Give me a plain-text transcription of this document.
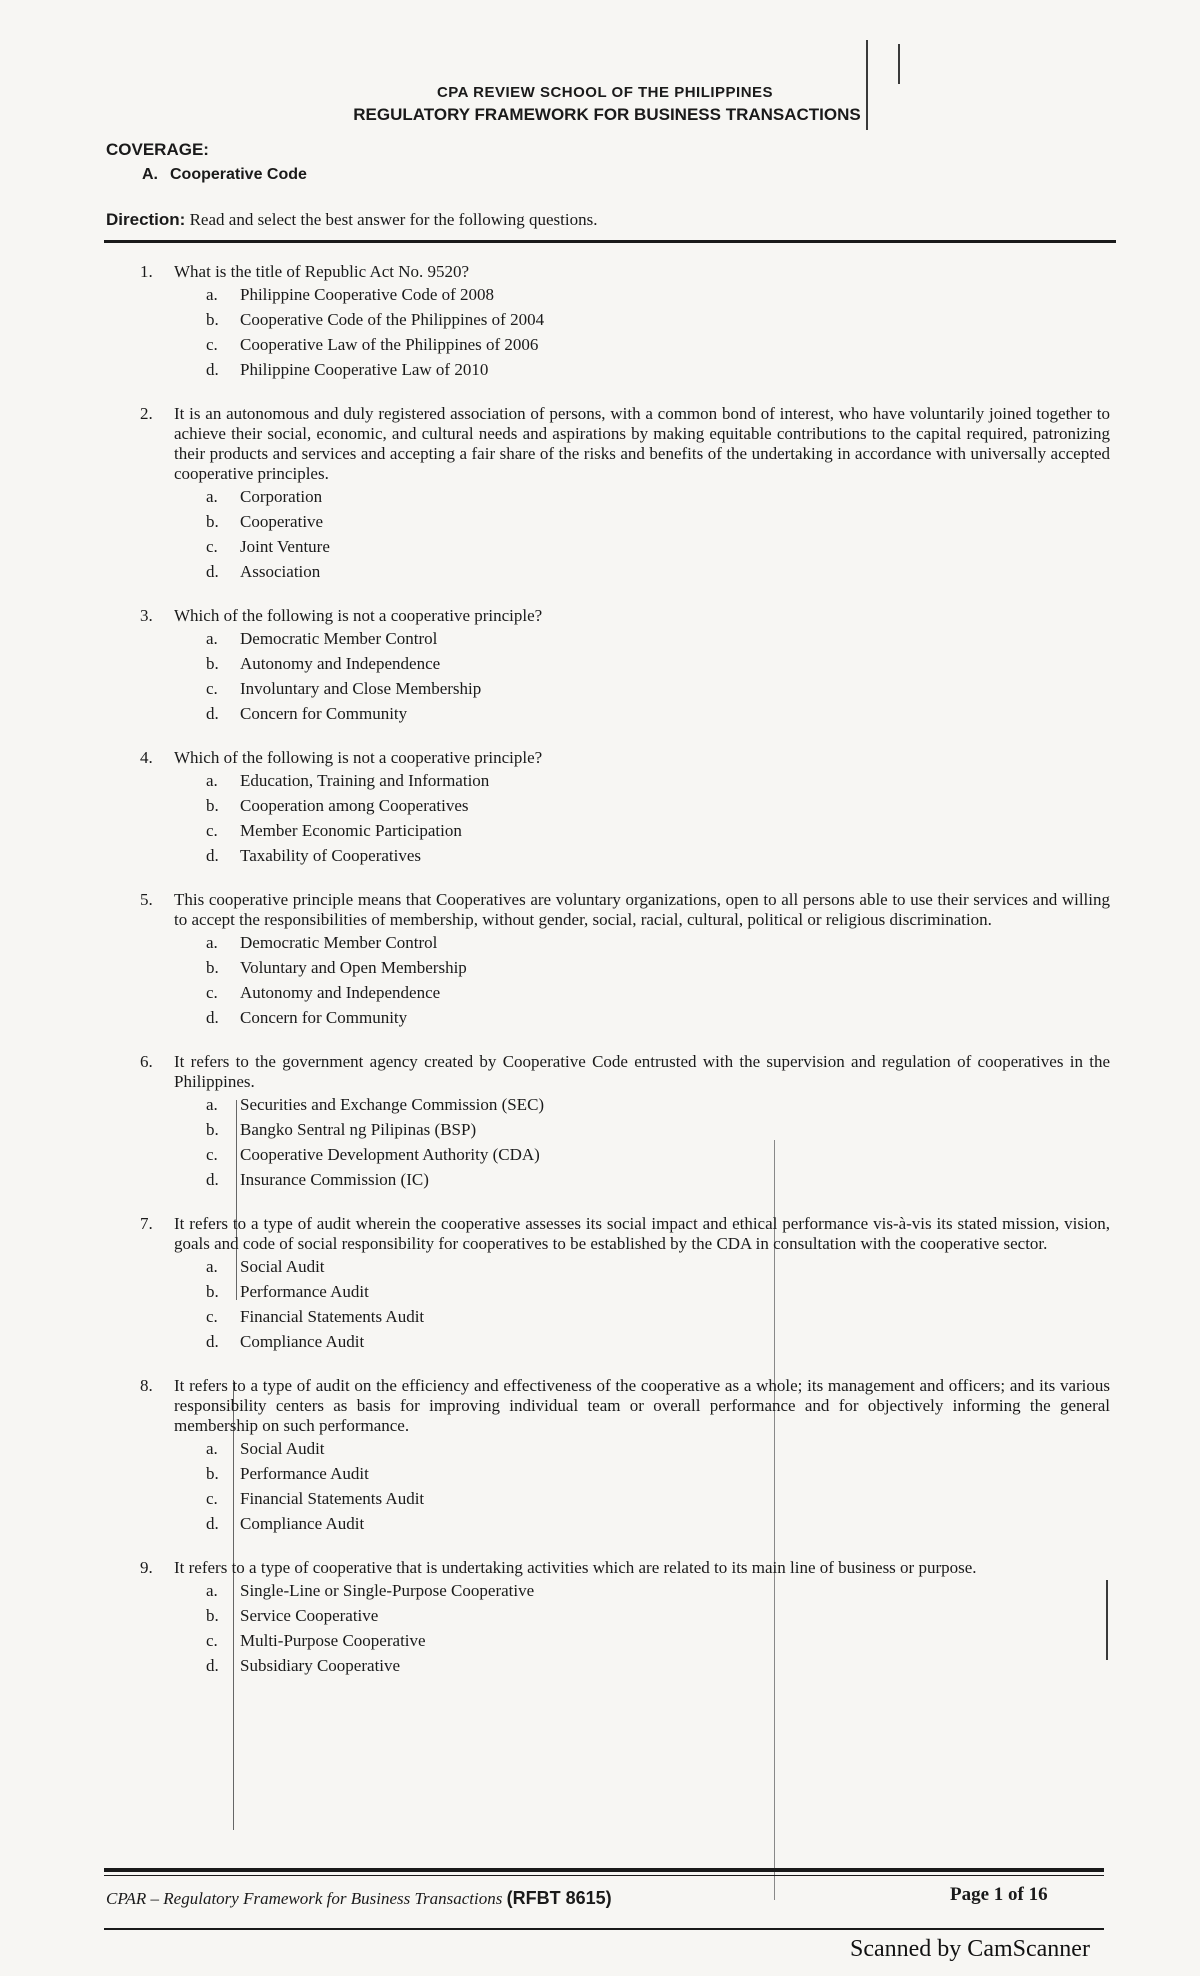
CPA REVIEW SCHOOL OF THE PHILIPPINES
REGULATORY FRAMEWORK FOR BUSINESS TRANSACTIONS
COVERAGE:
A. Cooperative Code
Direction: Read and select the best answer for the following questions.
1.	What is the title of Republic Act No. 9520?
a.	Philippine Cooperative Code of 2008
b.	Cooperative Code of the Philippines of 2004
c.	Cooperative Law of the Philippines of 2006
d.	Philippine Cooperative Law of 2010
2.	It is an autonomous and duly registered association of persons, with a common bond of interest, who have voluntarily joined together to achieve their social, economic, and cultural needs and aspirations by making equitable contributions to the capital required, patronizing their products and services and accepting a fair share of the risks and benefits of the undertaking in accordance with universally accepted cooperative principles.
a.	Corporation
b.	Cooperative
c.	Joint Venture
d.	Association
3.	Which of the following is not a cooperative principle?
a.	Democratic Member Control
b.	Autonomy and Independence
c.	Involuntary and Close Membership
d.	Concern for Community
4.	Which of the following is not a cooperative principle?
a.	Education, Training and Information
b.	Cooperation among Cooperatives
c.	Member Economic Participation
d.	Taxability of Cooperatives
5.	This cooperative principle means that Cooperatives are voluntary organizations, open to all persons able to use their services and willing to accept the responsibilities of membership, without gender, social, racial, cultural, political or religious discrimination.
a.	Democratic Member Control
b.	Voluntary and Open Membership
c.	Autonomy and Independence
d.	Concern for Community
6.	It refers to the government agency created by Cooperative Code entrusted with the supervision and regulation of cooperatives in the Philippines.
a.	Securities and Exchange Commission (SEC)
b.	Bangko Sentral ng Pilipinas (BSP)
c.	Cooperative Development Authority (CDA)
d.	Insurance Commission (IC)
7.	It refers to a type of audit wherein the cooperative assesses its social impact and ethical performance vis-à-vis its stated mission, vision, goals and code of social responsibility for cooperatives to be established by the CDA in consultation with the cooperative sector.
a.	Social Audit
b.	Performance Audit
c.	Financial Statements Audit
d.	Compliance Audit
8.	It refers to a type of audit on the efficiency and effectiveness of the cooperative as a whole; its management and officers; and its various responsibility centers as basis for improving individual team or overall performance and for objectively informing the general membership on such performance.
a.	Social Audit
b.	Performance Audit
c.	Financial Statements Audit
d.	Compliance Audit
9.	It refers to a type of cooperative that is undertaking activities which are related to its main line of business or purpose.
a.	Single-Line or Single-Purpose Cooperative
b.	Service Cooperative
c.	Multi-Purpose Cooperative
d.	Subsidiary Cooperative
CPAR – Regulatory Framework for Business Transactions (RFBT 8615)	Page 1 of 16
Scanned by CamScanner
